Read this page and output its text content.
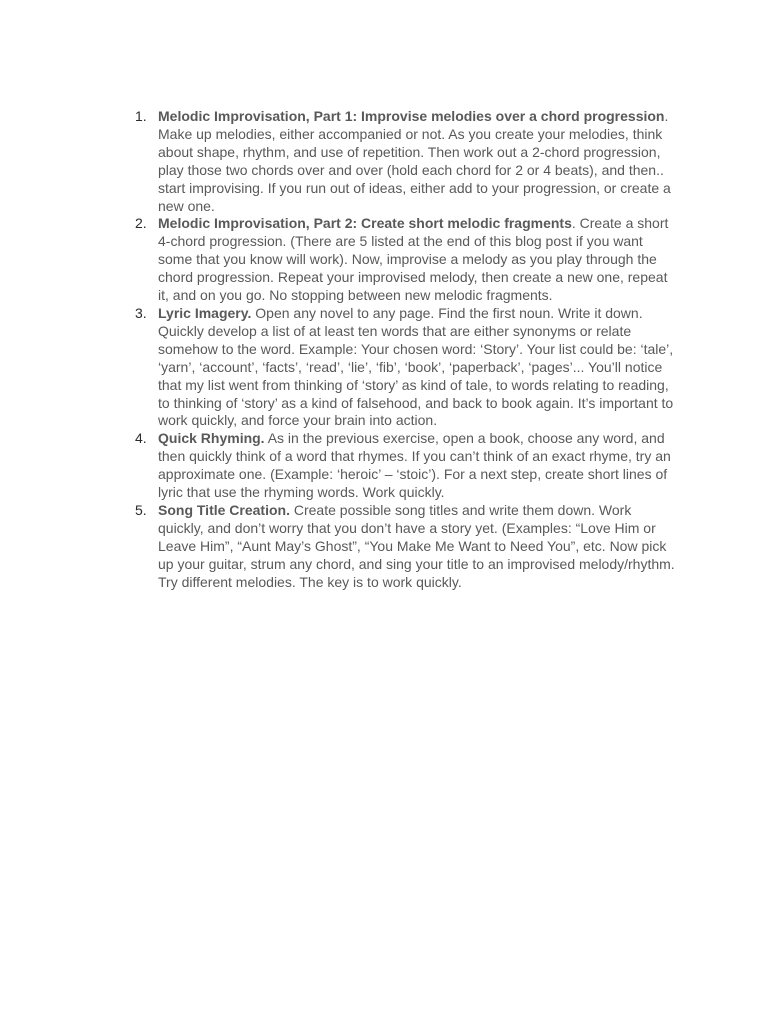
1. Melodic Improvisation, Part 1: Improvise melodies over a chord progression. Make up melodies, either accompanied or not. As you create your melodies, think about shape, rhythm, and use of repetition. Then work out a 2-chord progression, play those two chords over and over (hold each chord for 2 or 4 beats), and then.. start improvising. If you run out of ideas, either add to your progression, or create a new one.
2. Melodic Improvisation, Part 2: Create short melodic fragments. Create a short 4-chord progression. (There are 5 listed at the end of this blog post if you want some that you know will work). Now, improvise a melody as you play through the chord progression. Repeat your improvised melody, then create a new one, repeat it, and on you go. No stopping between new melodic fragments.
3. Lyric Imagery. Open any novel to any page. Find the first noun. Write it down. Quickly develop a list of at least ten words that are either synonyms or relate somehow to the word. Example: Your chosen word: ‘Story’. Your list could be: ‘tale’, ‘yarn’, ‘account’, ‘facts’, ‘read’, ‘lie’, ‘fib’, ‘book’, ‘paperback’, ‘pages’... You’ll notice that my list went from thinking of ‘story’ as kind of tale, to words relating to reading, to thinking of ‘story’ as a kind of falsehood, and back to book again. It’s important to work quickly, and force your brain into action.
4. Quick Rhyming. As in the previous exercise, open a book, choose any word, and then quickly think of a word that rhymes. If you can’t think of an exact rhyme, try an approximate one. (Example: ‘heroic’ – ‘stoic’). For a next step, create short lines of lyric that use the rhyming words. Work quickly.
5. Song Title Creation. Create possible song titles and write them down. Work quickly, and don’t worry that you don’t have a story yet. (Examples: “Love Him or Leave Him”, “Aunt May’s Ghost”, “You Make Me Want to Need You”, etc. Now pick up your guitar, strum any chord, and sing your title to an improvised melody/rhythm. Try different melodies. The key is to work quickly.
